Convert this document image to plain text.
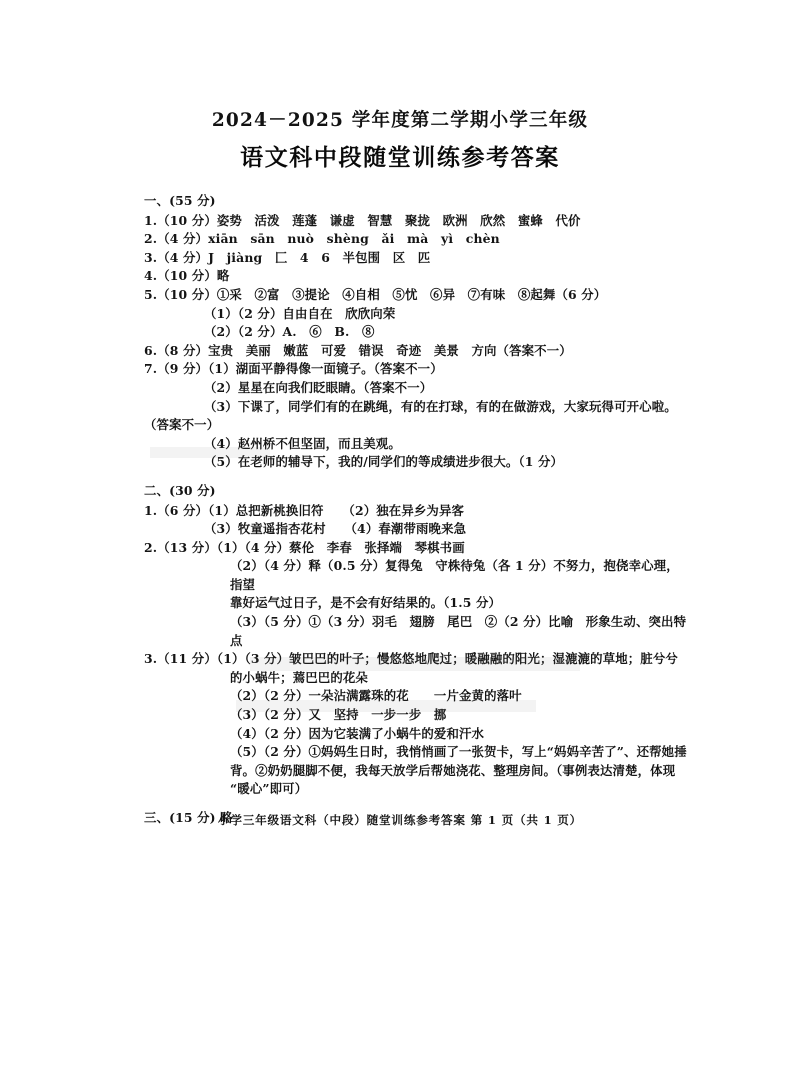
2024－2025 学年度第二学期小学三年级
语文科中段随堂训练参考答案
一、(55 分)
1.（10 分）姿势　活泼　莲蓬　谦虚　智慧　聚拢　欧洲　欣然　蜜蜂　代价
2.（4 分）xiān　sān　nuò　shèng　ǎi　mà　yì　chèn
3.（4 分）J　jiàng　匚　4　6　半包围　区　匹
4.（10 分）略
5.（10 分）①采　②富　③提论　④自相　⑤忧　⑥异　⑦有味　⑧起舞（6 分）
（1）（2 分）自由自在　欣欣向荣
（2）（2 分）A.　⑥　B.　⑧
6.（8 分）宝贵　美丽　嫩蓝　可爱　错误　奇迹　美景　方向（答案不一）
7.（9 分）（1）湖面平静得像一面镜子。（答案不一）
（2）星星在向我们眨眼睛。（答案不一）
（3）下课了，同学们有的在跳绳，有的在打球，有的在做游戏，大家玩得可开心啦。
（答案不一）
（4）赵州桥不但坚固，而且美观。
（5）在老师的辅导下，我的/同学们的等成绩进步很大。（1 分）
二、(30 分)
1.（6 分）（1）总把新桃换旧符　　（2）独在异乡为异客
（3）牧童遥指杏花村　　（4）春潮带雨晚来急
2.（13 分）（1）（4 分）蔡伦　李春　张择端　琴棋书画
（2）（4 分）释（0.5 分）复得兔　守株待兔（各 1 分）不努力，抱侥幸心理，指望
靠好运气过日子，是不会有好结果的。（1.5 分）
（3）（5 分）①（3 分）羽毛　翅膀　尾巴　②（2 分）比喻　形象生动、突出特点
3.（11 分）（1）（3 分）皱巴巴的叶子；慢悠悠地爬过；暖融融的阳光；湿漉漉的草地；脏兮兮
的小蜗牛；蔫巴巴的花朵
（2）（2 分）一朵沾满露珠的花　　一片金黄的落叶
（3）（2 分）又　坚持　一步一步　挪
（4）（2 分）因为它装满了小蜗牛的爱和汗水
（5）（2 分）①妈妈生日时，我悄悄画了一张贺卡，写上“妈妈辛苦了”、还帮她捶
背。②奶奶腿脚不便，我每天放学后帮她浇花、整理房间。（事例表达清楚，体现
“暖心”即可）
三、(15 分) 略
小学三年级语文科（中段）随堂训练参考答案 第 1 页（共 1 页）
